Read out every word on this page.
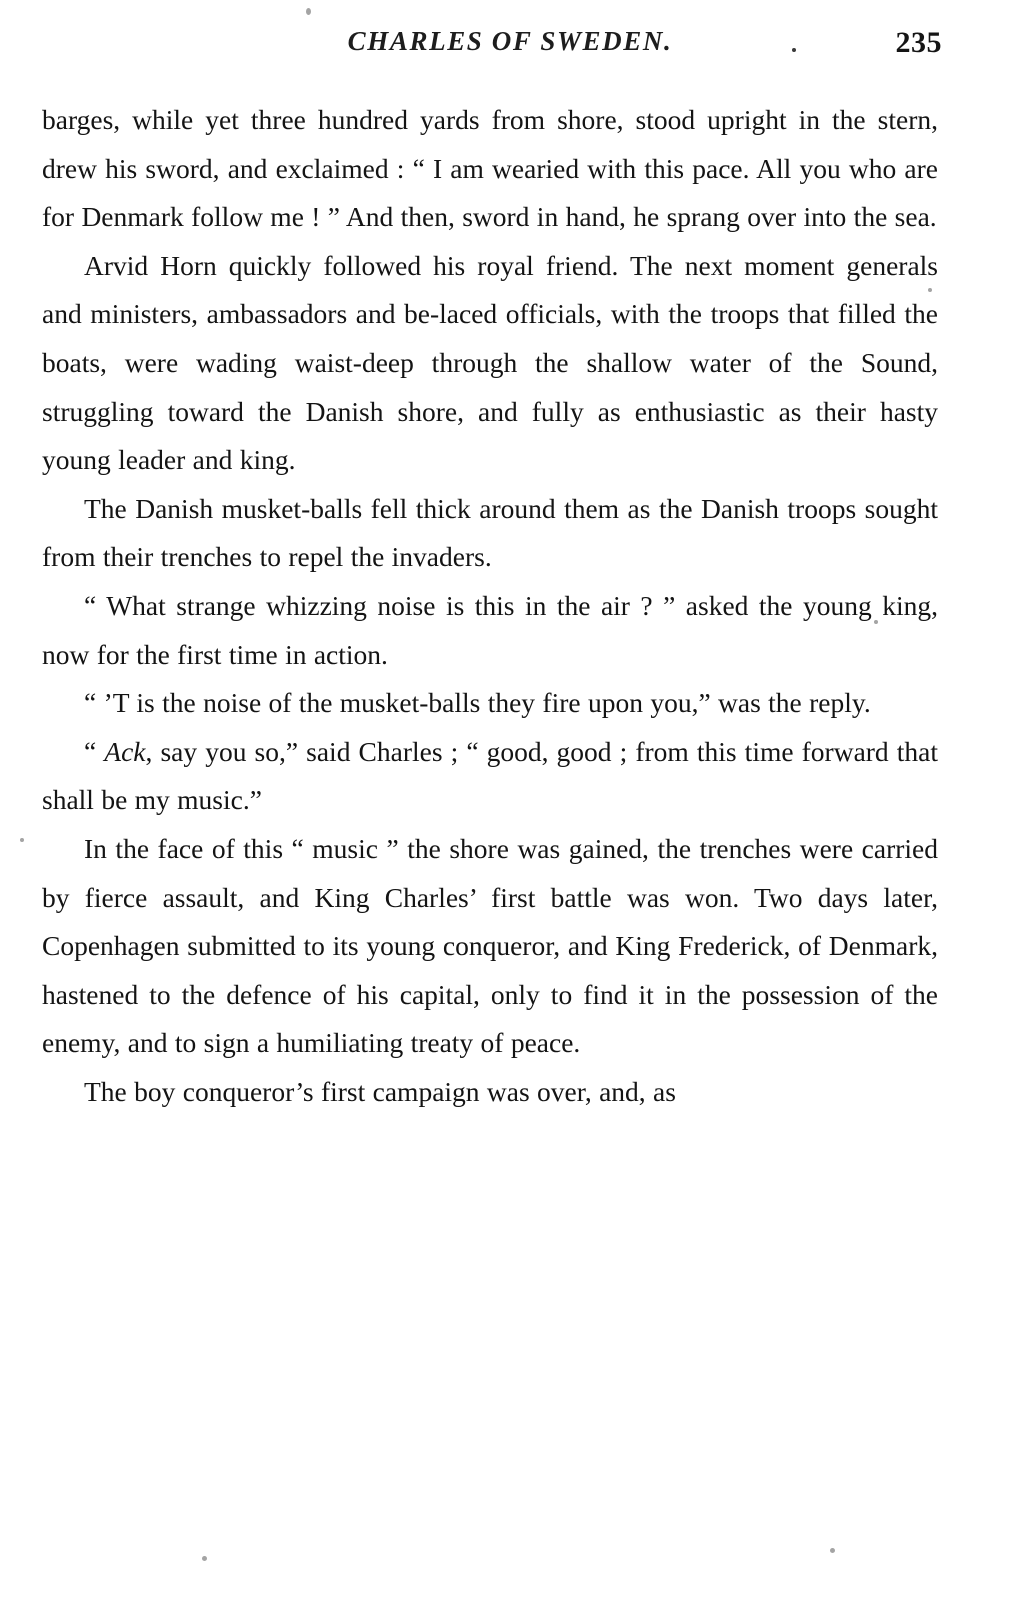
CHARLES OF SWEDEN.	235

barges, while yet three hundred yards from shore, stood upright in the stern, drew his sword, and exclaimed : “ I am wearied with this pace. All you who are for Denmark follow me ! ” And then, sword in hand, he sprang over into the sea.

Arvid Horn quickly followed his royal friend. The next moment generals and ministers, ambassadors and be-laced officials, with the troops that filled the boats, were wading waist-deep through the shallow water of the Sound, struggling toward the Danish shore, and fully as enthusiastic as their hasty young leader and king.

The Danish musket-balls fell thick around them as the Danish troops sought from their trenches to repel the invaders.

“ What strange whizzing noise is this in the air ? ” asked the young king, now for the first time in action.

“ ’T is the noise of the musket-balls they fire upon you,” was the reply.

“ Ack, say you so,” said Charles ; “ good, good ; from this time forward that shall be my music.”

In the face of this “ music ” the shore was gained, the trenches were carried by fierce assault, and King Charles’ first battle was won. Two days later, Copenhagen submitted to its young conqueror, and King Frederick, of Denmark, hastened to the defence of his capital, only to find it in the possession of the enemy, and to sign a humiliating treaty of peace.

The boy conqueror’s first campaign was over, and, as
